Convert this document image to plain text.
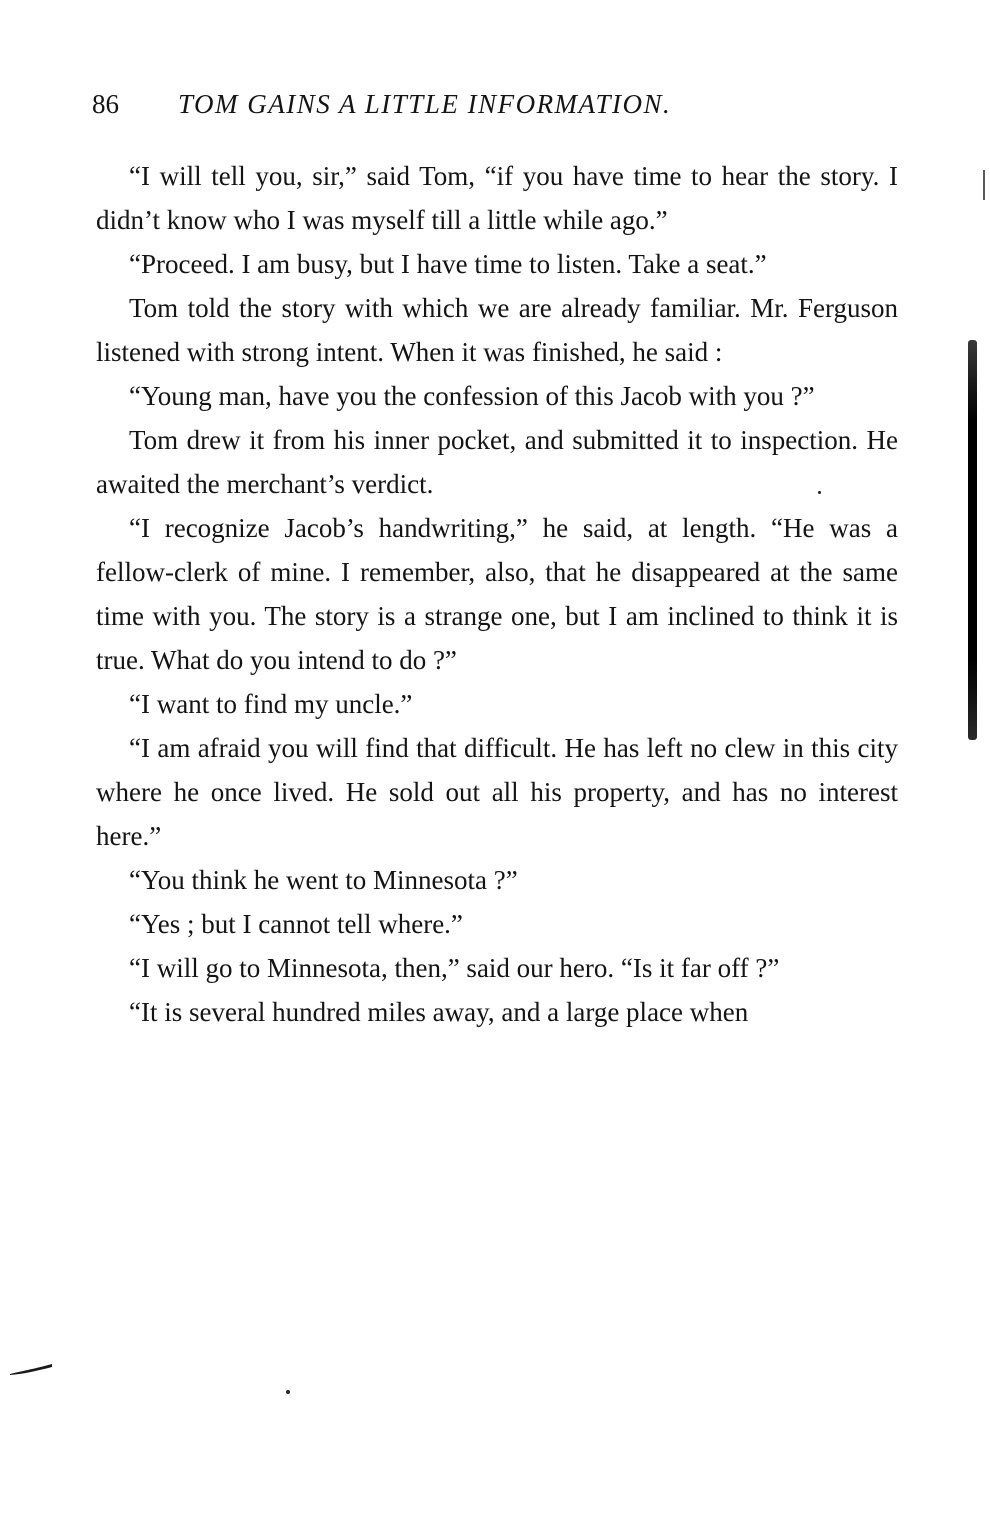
86 TOM GAINS A LITTLE INFORMATION.

“I will tell you, sir,” said Tom, “if you have time to hear the story. I didn’t know who I was myself till a little while ago.”

“Proceed. I am busy, but I have time to listen. Take a seat.”

Tom told the story with which we are already familiar. Mr. Ferguson listened with strong intent. When it was finished, he said :

“Young man, have you the confession of this Jacob with you ?”

Tom drew it from his inner pocket, and submitted it to inspection. He awaited the merchant’s verdict.

“I recognize Jacob’s handwriting,” he said, at length. “He was a fellow-clerk of mine. I remember, also, that he disappeared at the same time with you. The story is a strange one, but I am inclined to think it is true. What do you intend to do ?”

“I want to find my uncle.”

“I am afraid you will find that difficult. He has left no clew in this city where he once lived. He sold out all his property, and has no interest here.”

“You think he went to Minnesota ?”

“Yes ; but I cannot tell where.”

“I will go to Minnesota, then,” said our hero. “Is it far off ?”

“It is several hundred miles away, and a large place when
